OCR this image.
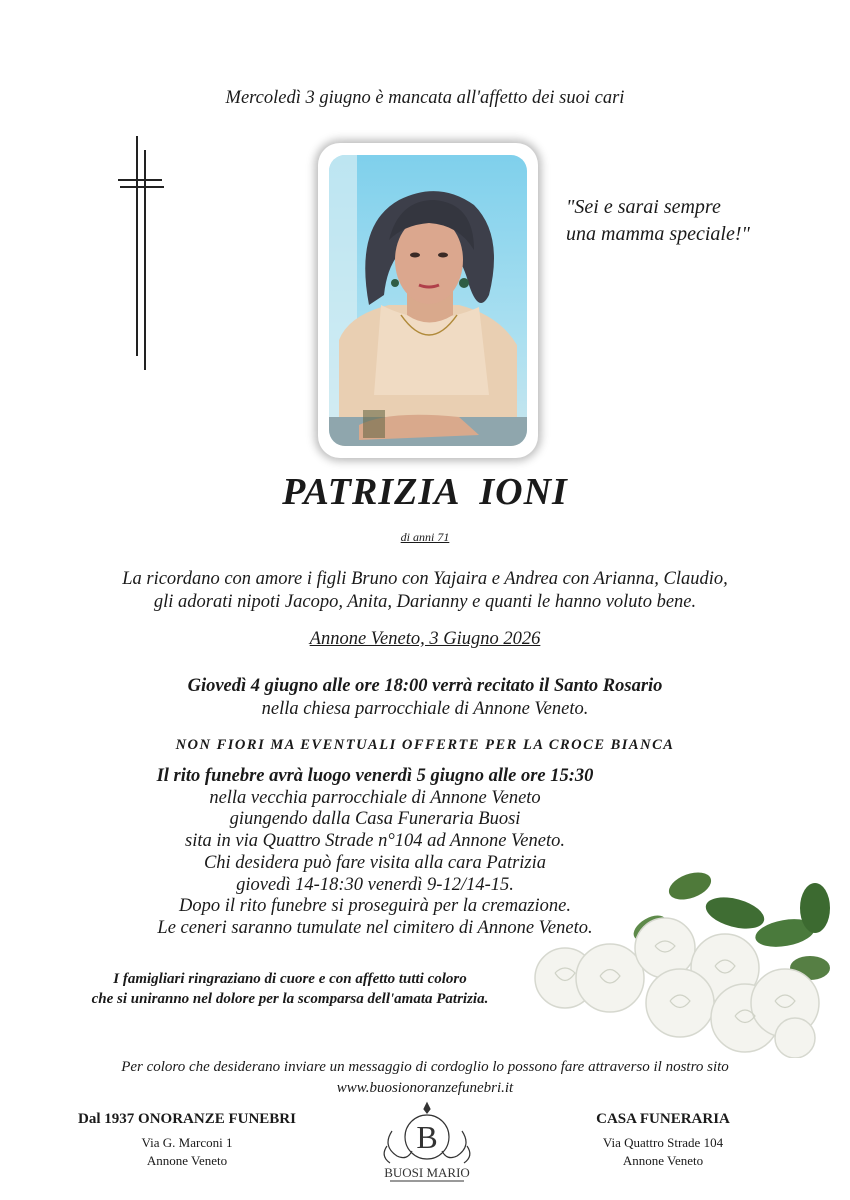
Mercoledì 3 giugno è mancata all'affetto dei suoi cari
"Sei e sarai sempre
una mamma speciale!"
PATRIZIA  IONI
di anni 71
La ricordano con amore i figli Bruno con Yajaira e Andrea con Arianna, Claudio,
gli adorati nipoti Jacopo, Anita, Darianny e quanti le hanno voluto bene.
Annone Veneto, 3 Giugno 2026
Giovedì 4 giugno alle ore 18:00 verrà recitato il Santo Rosario
nella chiesa parrocchiale di Annone Veneto.
NON FIORI MA EVENTUALI OFFERTE PER LA CROCE BIANCA
Il rito funebre avrà luogo venerdì 5 giugno alle ore 15:30
nella vecchia parrocchiale di Annone Veneto
giungendo dalla Casa Funeraria Buosi
sita in via Quattro Strade n°104 ad Annone Veneto.
Chi desidera può fare visita alla cara Patrizia
giovedì 14-18:30 venerdì 9-12/14-15.
Dopo il rito funebre si proseguirà per la cremazione.
Le ceneri saranno tumulate nel cimitero di Annone Veneto.
I famigliari ringraziano di cuore e con affetto tutti coloro
che si uniranno nel dolore per la scomparsa dell'amata Patrizia.
Per coloro che desiderano inviare un messaggio di cordoglio lo possono fare attraverso il nostro sito
www.buosionoranzefunebri.it
Dal 1937 ONORANZE FUNEBRI
Via G. Marconi 1
Annone Veneto
B
BUOSI MARIO
CASA FUNERARIA
Via Quattro Strade 104
Annone Veneto
